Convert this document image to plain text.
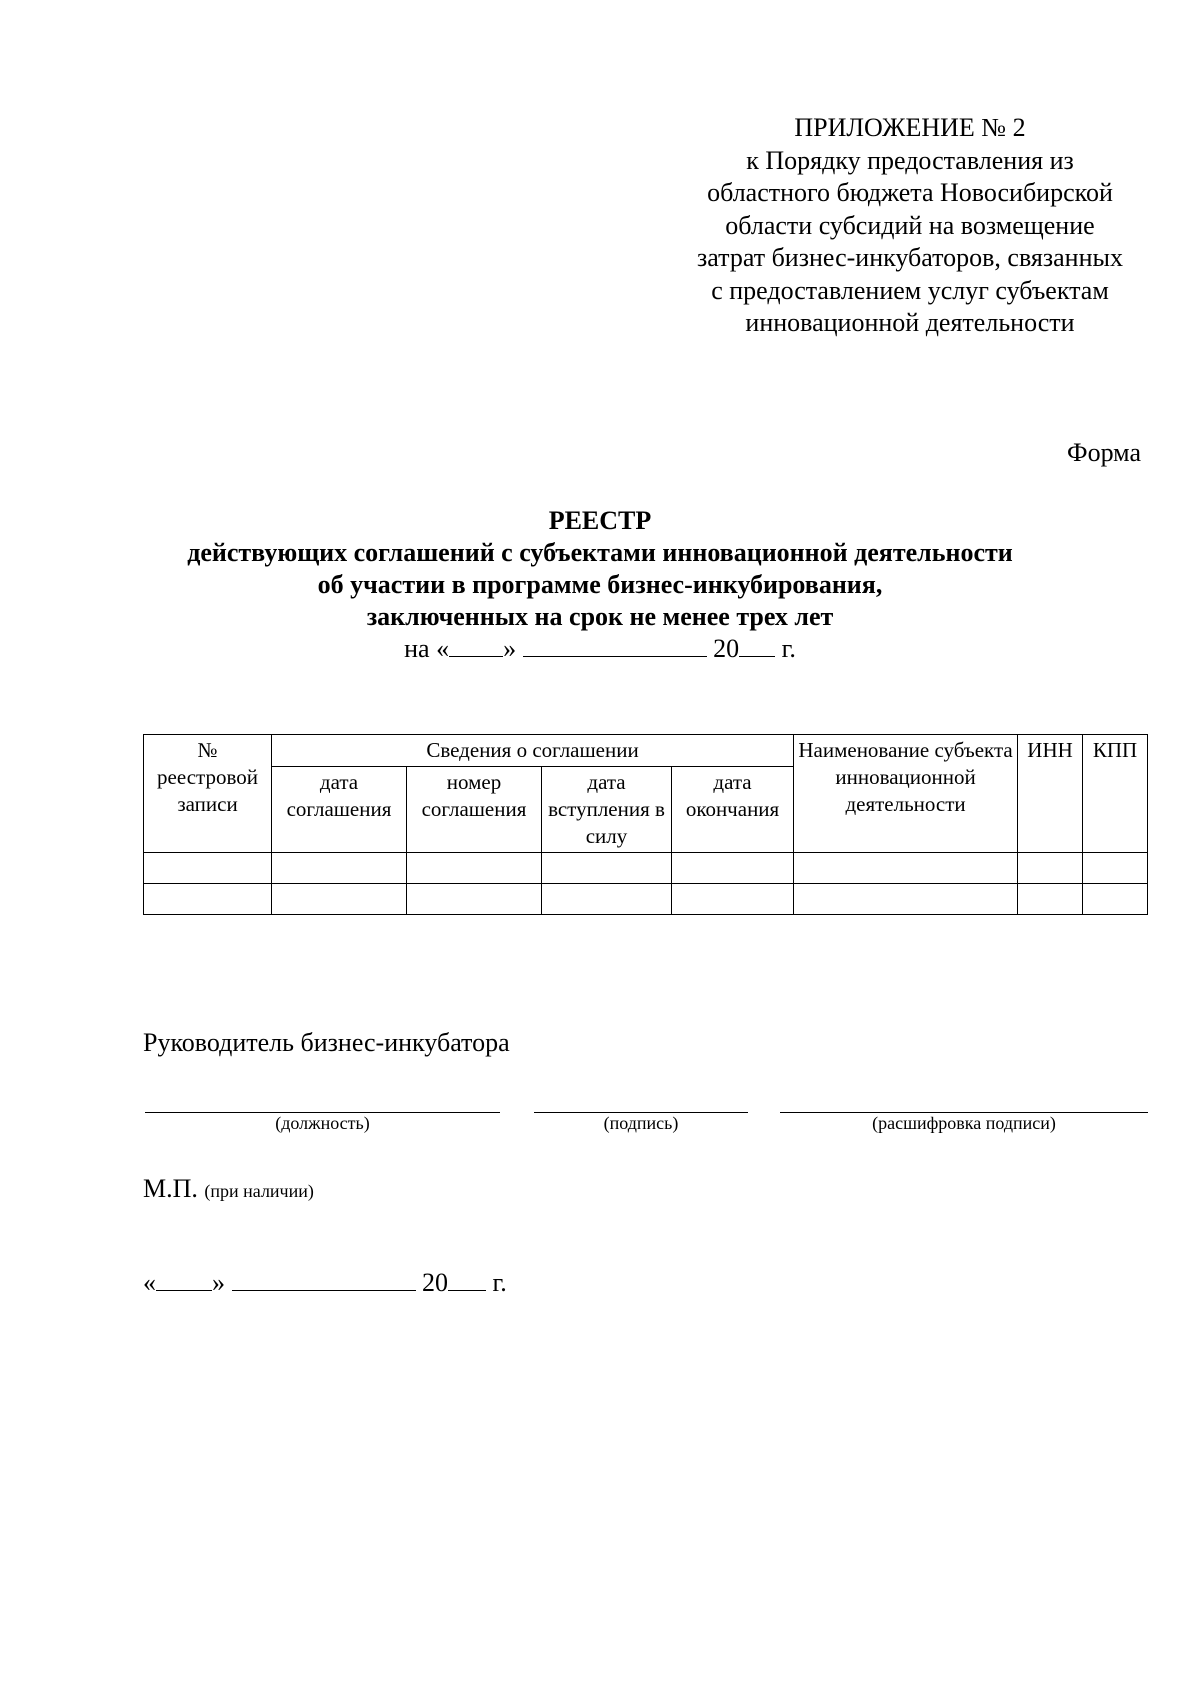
ПРИЛОЖЕНИЕ № 2
к Порядку предоставления из
областного бюджета Новосибирской
области субсидий на возмещение
затрат бизнес-инкубаторов, связанных
с предоставлением услуг субъектам
инновационной деятельности
Форма
РЕЕСТР
действующих соглашений с субъектами инновационной деятельности
об участии в программе бизнес-инкубирования,
заключенных на срок не менее трех лет
на « »	20 г.
№
реестровой записи	Сведения о соглашении				Наименование субъекта инновационной деятельности	ИНН	КПП
	дата соглашения	номер соглашения	дата вступления в силу	дата окончания			

Руководитель бизнес-инкубатора
(должность)	(подпись)	(расшифровка подписи)
М.П. (при наличии)
« »	20 г.
